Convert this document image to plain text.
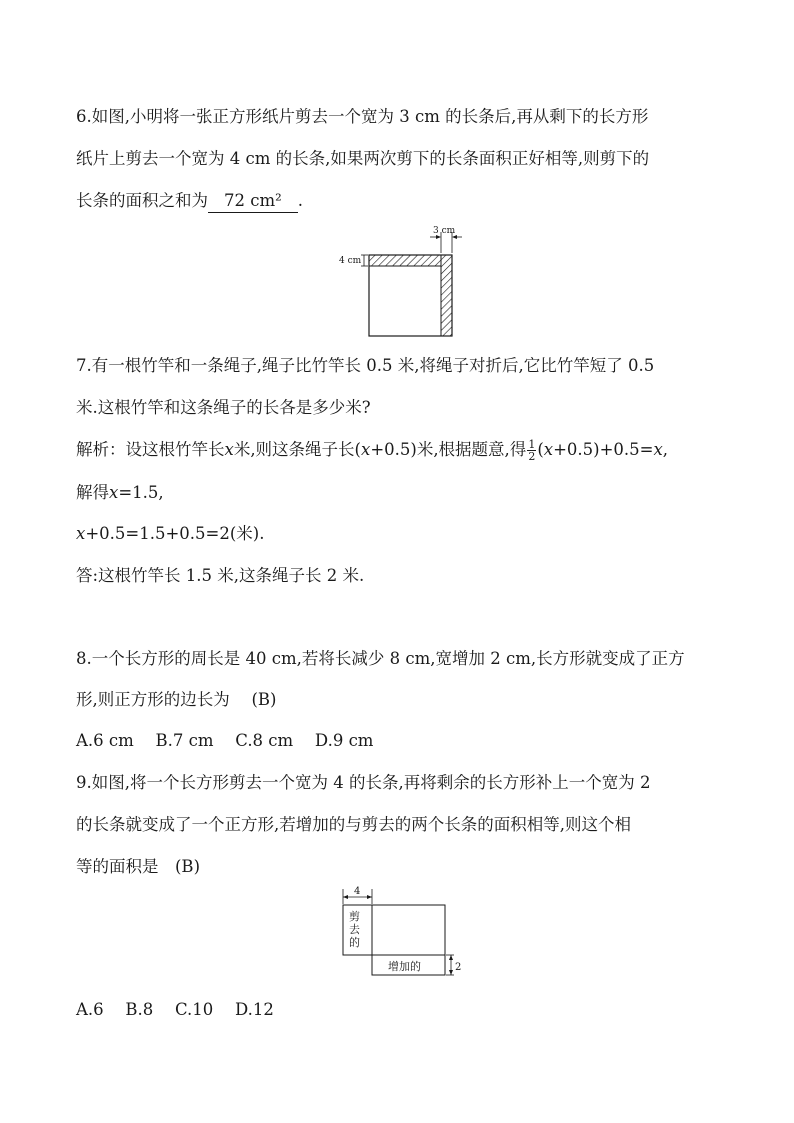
6.如图,小明将一张正方形纸片剪去一个宽为 3 cm 的长条后,再从剩下的长方形
纸片上剪去一个宽为 4 cm 的长条,如果两次剪下的长条面积正好相等,则剪下的
长条的面积之和为 72 cm² .
3 cm
4 cm
7.有一根竹竿和一条绳子,绳子比竹竿长 0.5 米,将绳子对折后,它比竹竿短了 0.5
米.这根竹竿和这条绳子的长各是多少米?
解析：设这根竹竿长x米,则这条绳子长(x+0.5)米,根据题意,得 $\frac{1}{2} (x+0.5)+0.5=x$,
解得x=1.5,
x+0.5=1.5+0.5=2(米).
答:这根竹竿长 1.5 米,这条绳子长 2 米.
8.一个长方形的周长是 40 cm,若将长减少 8 cm,宽增加 2 cm,长方形就变成了正方
形,则正方形的边长为　 (B)
A.6 cm　 B.7 cm　 C.8 cm　 D.9 cm
9.如图,将一个长方形剪去一个宽为 4 的长条,再将剩余的长方形补上一个宽为 2
的长条就变成了一个正方形,若增加的与剪去的两个长条的面积相等,则这个相
等的面积是　(B)
4
剪
去
的
增加的	2
A.6　 B.8　 C.10　 D.12
